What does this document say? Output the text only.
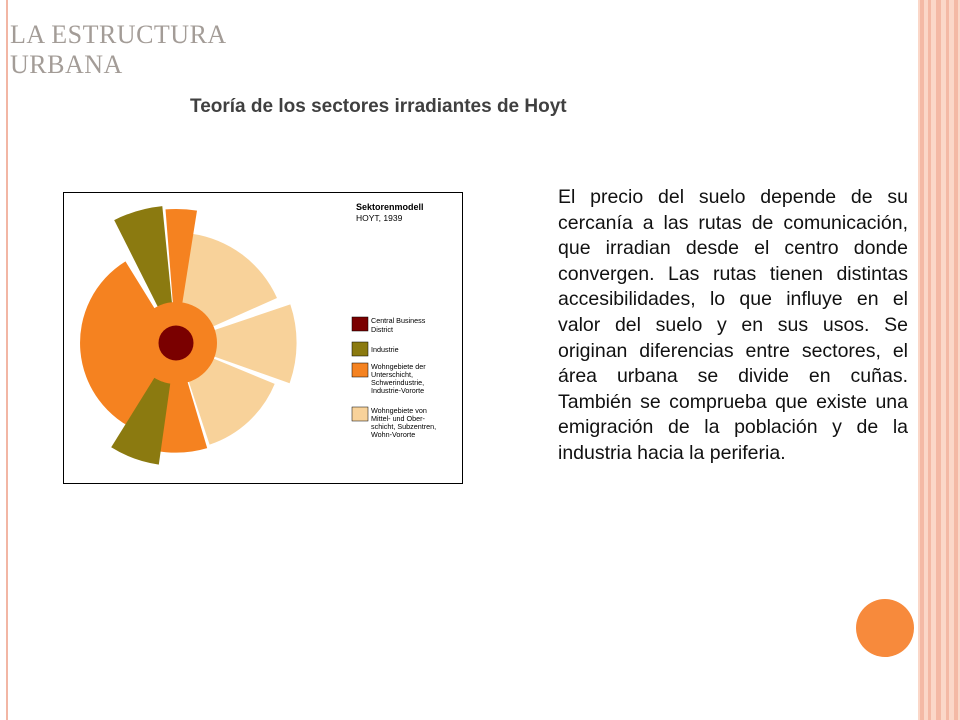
LA ESTRUCTURA
URBANA
Teoría de los sectores irradiantes de Hoyt
Sektorenmodell
HOYT, 1939
Central Business District Industrie Wohngebiete der Unterschicht, Schwerindustrie, Industrie-Vororte Wohngebiete von Mittel- und Ober- schicht, Subzentren, Wohn-Vororte

El precio del suelo depende de su cercanía a las rutas de comunicación, que irradian desde el centro donde convergen. Las rutas tienen distintas accesibilidades, lo que influye en el valor del suelo y en sus usos. Se originan diferencias entre sectores, el área urbana se divide en cuñas. También se comprueba que existe una emigración de la población y de la industria hacia la periferia.
